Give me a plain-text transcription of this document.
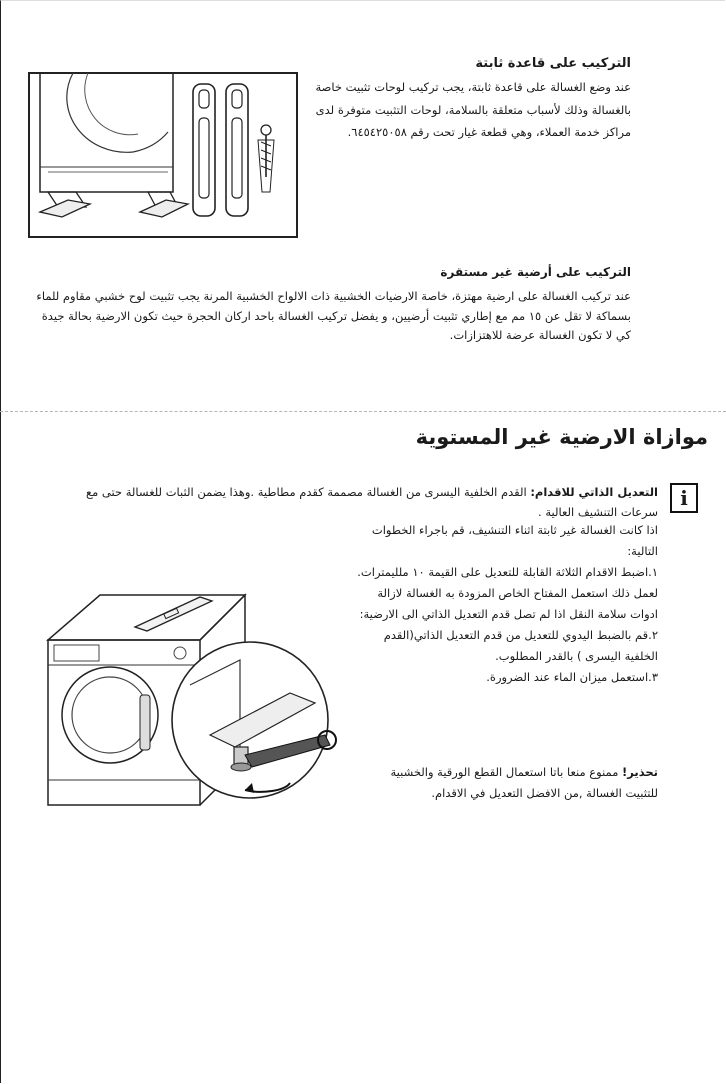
التركيب على قاعدة ثابتة
عند وضع الغسالة على قاعدة ثابتة، يجب تركيب لوحات تثبيت خاصة بالغسالة وذلك لأسباب متعلقة بالسلامة، لوحات التثبيت متوفرة لدى مراكز خدمة العملاء، وهي قطعة غيار تحت رقم ٦٤٥٤٢٥٠٥٨.
التركيب على أرضية غير مستقرة
عند تركيب الغسالة على ارضية مهتزة، خاصة الارضيات الخشبية ذات الالواح الخشبية المرنة يجب تثبيت لوح خشبي مقاوم للماء بسماكة لا تقل عن ١٥ مم مع إطاري تثبيت أرضيين، و يفضل تركيب الغسالة باحد اركان الحجرة حيث تكون الارضية بحالة جيدة كي لا تكون الغسالة عرضة للاهتزازات.
موازاة الارضية غير المستوية
i
التعديل الذاتي للاقدام: القدم الخلفية اليسرى من الغسالة مصممة كقدم مطاطية .وهذا يضمن الثبات للغسالة حتى مع سرعات التنشيف العالية .

اذا كانت الغسالة غير ثابتة اثناء التنشيف، قم باجراء الخطوات التالية:

١.اضبط الاقدام الثلاثة القابلة للتعديل على القيمة ١٠ ملليمترات. لعمل ذلك استعمل المفتاح الخاص المزودة به الغسالة لازالة ادوات سلامة النقل اذا لم تصل قدم التعديل الذاتي الى الارضية:

٢.قم بالضبط اليدوي للتعديل من قدم التعديل الذاتي(القدم الخلفية اليسرى ) بالقدر المطلوب.

٣.استعمل ميزان الماء عند الضرورة.

تحذير! ممنوع منعا باتا استعمال القطع الورقية والخشبية للتثبيت الغسالة ,من الافضل التعديل في الاقدام.
